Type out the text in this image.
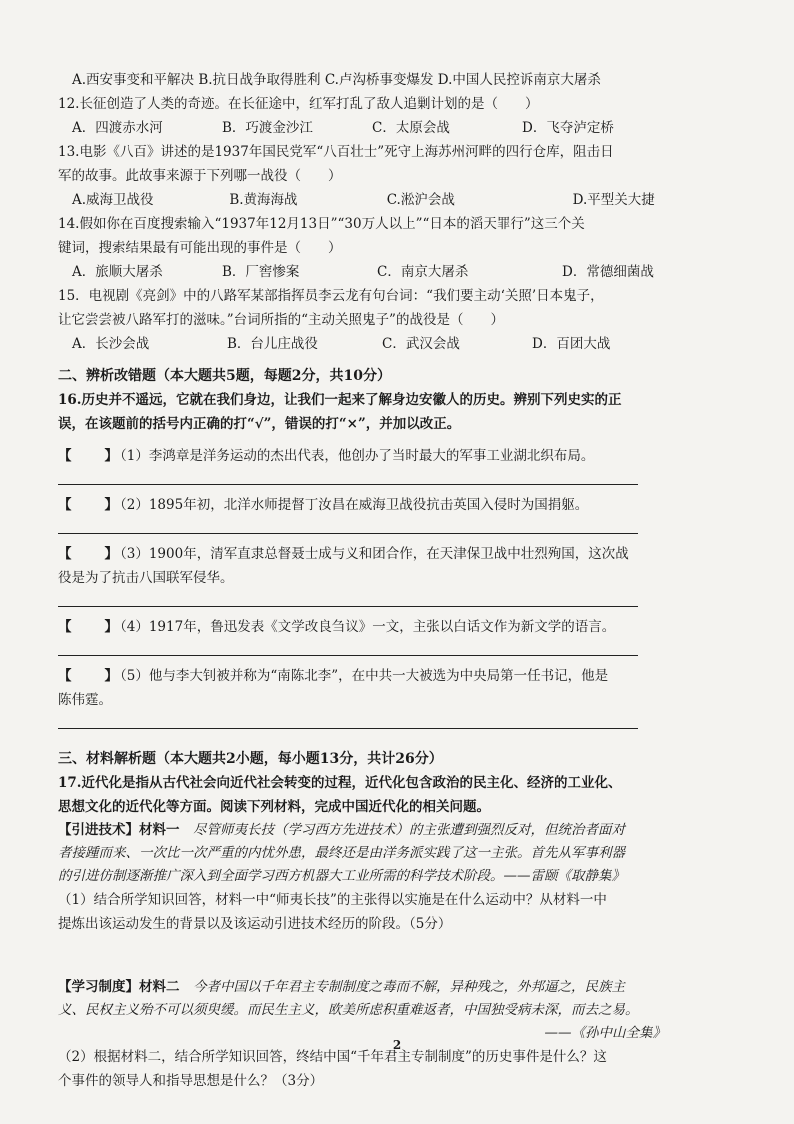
A.西安事变和平解决 B.抗日战争取得胜利 C.卢沟桥事变爆发 D.中国人民控诉南京大屠杀
12.长征创造了人类的奇迹。在长征途中，红军打乱了敌人追剿计划的是（　　）
A．四渡赤水河	B．巧渡金沙江	C．太原会战	D．飞夺泸定桥
13.电影《八百》讲述的是1937年国民党军“八百壮士”死守上海苏州河畔的四行仓库，阻击日
军的故事。此故事来源于下列哪一战役（　　）
A.威海卫战役	B.黄海海战	C.淞沪会战	D.平型关大捷
14.假如你在百度搜索输入“1937年12月13日”“30万人以上”“日本的滔天罪行”这三个关
键词，搜索结果最有可能出现的事件是（　　）
A．旅顺大屠杀	B．厂窖惨案	C．南京大屠杀	D．常德细菌战
15．电视剧《亮剑》中的八路军某部指挥员李云龙有句台词：“我们要主动‘关照’日本鬼子，
让它尝尝被八路军打的滋味。”台词所指的“主动关照鬼子”的战役是（　　）
A．长沙会战	B．台儿庄战役	C．武汉会战	D．百团大战
二、辨析改错题（本大题共5题，每题2分，共10分）
16.历史并不遥远，它就在我们身边，让我们一起来了解身边安徽人的历史。辨别下列史实的正
误，在该题前的括号内正确的打“√”，错误的打“×”，并加以改正。
【　　】（1）李鸿章是洋务运动的杰出代表，他创办了当时最大的军事工业湖北织布局。
【　　】（2）1895年初，北洋水师提督丁汝昌在威海卫战役抗击英国入侵时为国捐躯。
【　　】（3）1900年，清军直隶总督聂士成与义和团合作，在天津保卫战中壮烈殉国，这次战
役是为了抗击八国联军侵华。
【　　】（4）1917年，鲁迅发表《文学改良刍议》一文，主张以白话文作为新文学的语言。
【　　】（5）他与李大钊被并称为“南陈北李”，在中共一大被选为中央局第一任书记，他是
陈伟霆。
三、材料解析题（本大题共2小题，每小题13分，共计26分）
17.近代化是指从古代社会向近代社会转变的过程，近代化包含政治的民主化、经济的工业化、
思想文化的近代化等方面。阅读下列材料，完成中国近代化的相关问题。
【引进技术】材料一　尽管师夷长技（学习西方先进技术）的主张遭到强烈反对，但统治者面对
者接踵而来、一次比一次严重的内忧外患，最终还是由洋务派实践了这一主张。首先从军事利器
的引进仿制逐渐推广深入到全面学习西方机器大工业所需的科学技术阶段。——雷颐《取静集》
（1）结合所学知识回答，材料一中“师夷长技”的主张得以实施是在什么运动中？从材料一中
提炼出该运动发生的背景以及该运动引进技术经历的阶段。（5分）
【学习制度】材料二　今者中国以千年君主专制制度之毒而不解，异种残之，外邦逼之，民族主
义、民权主义殆不可以须臾缓。而民生主义，欧美所虑积重难返者，中国独受病未深，而去之易。
——《孙中山全集》
（2）根据材料二，结合所学知识回答，终结中国“千年君主专制制度”的历史事件是什么？这
个事件的领导人和指导思想是什么？（3分）
2
